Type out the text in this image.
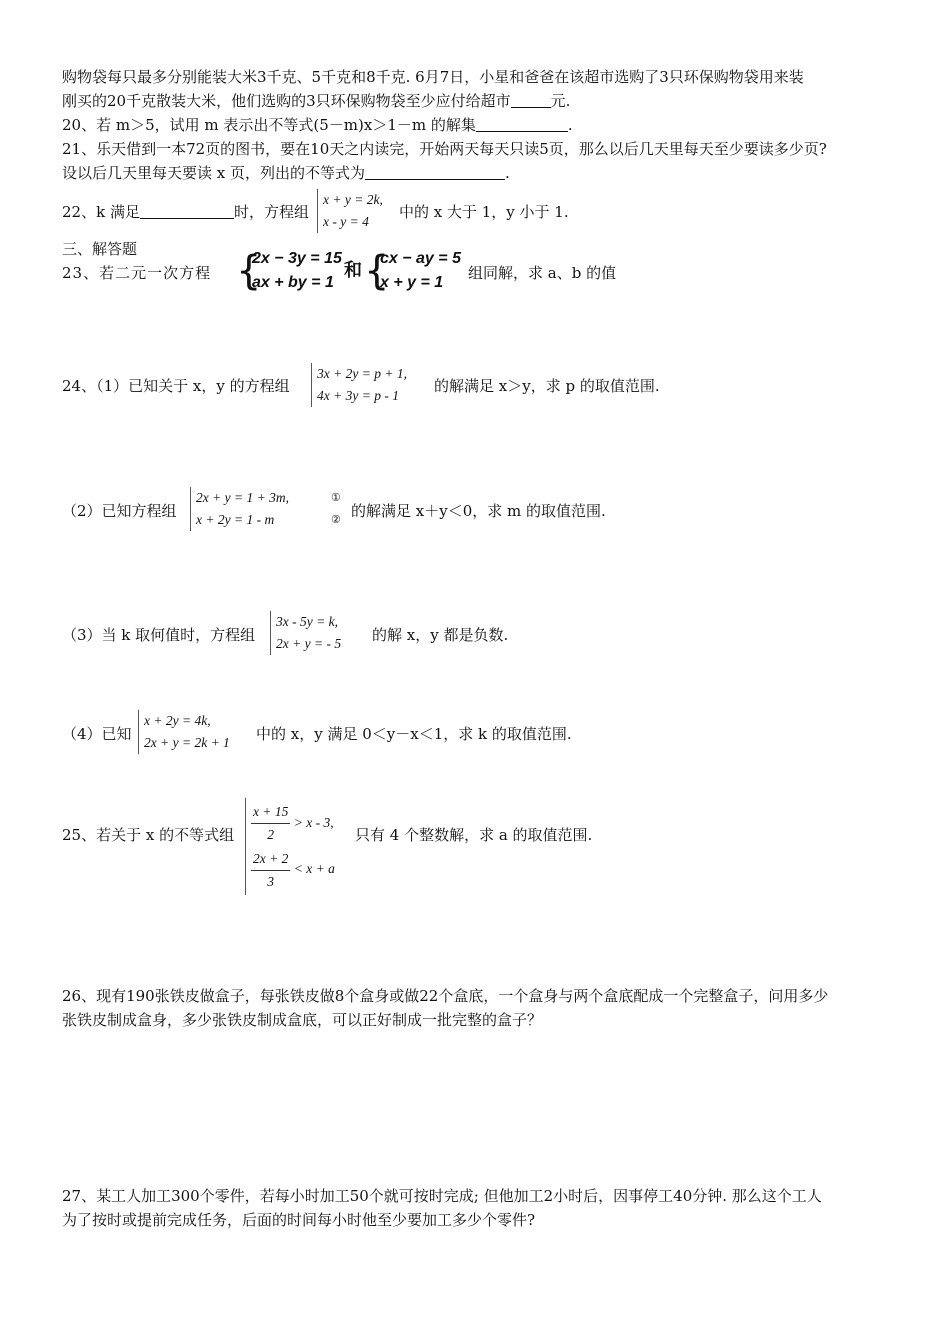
购物袋每只最多分别能装大米3千克、5千克和8千克. 6月7日，小星和爸爸在该超市选购了3只环保购物袋用来装
刚买的20千克散装大米，他们选购的3只环保购物袋至少应付给超市	元.
20、若 m＞5，试用 m 表示出不等式(5－m)x＞1－m 的解集	.
21、乐天借到一本72页的图书，要在10天之内读完，开始两天每天只读5页，那么以后几天里每天至少要读多少页?
设以后几天里每天要读 x 页，列出的不等式为	.
22、k 满足	时，方程组	中的 x 大于 1，y 小于 1.
x + y = 2k,
x - y = 4
三、解答题
23、若二元一次方程 {
2x − 3y = 15
ax + by = 1
和 {
cx − ay = 5
x + y = 1
组同解，求 a、b 的值
24、（1）已知关于 x，y 的方程组
3x + 2y = p + 1,
4x + 3y = p - 1
的解满足 x＞y，求 p 的取值范围.
（2）已知方程组
2x + y = 1 + 3m,	①
x + 2y = 1 - m	② 的解满足 x＋y＜0，求 m 的取值范围.
（3）当 k 取何值时，方程组
3x - 5y = k,
2x + y = - 5 的解 x，y 都是负数.
（4）已知
x + 2y = 4k,
2x + y = 2k + 1 中的 x，y 满足 0＜y－x＜1，求 k 的取值范围.
25、若关于 x 的不等式组 $\frac{x + 15}{2} > x - 3$,
$\frac{2x + 2}{3} < x + a$
只有 4 个整数解，求 a 的取值范围.
26、现有190张铁皮做盒子，每张铁皮做8个盒身或做22个盒底，一个盒身与两个盒底配成一个完整盒子，问用多少
张铁皮制成盒身，多少张铁皮制成盒底，可以正好制成一批完整的盒子？
27、某工人加工300个零件，若每小时加工50个就可按时完成; 但他加工2小时后，因事停工40分钟. 那么这个工人
为了按时或提前完成任务，后面的时间每小时他至少要加工多少个零件?
